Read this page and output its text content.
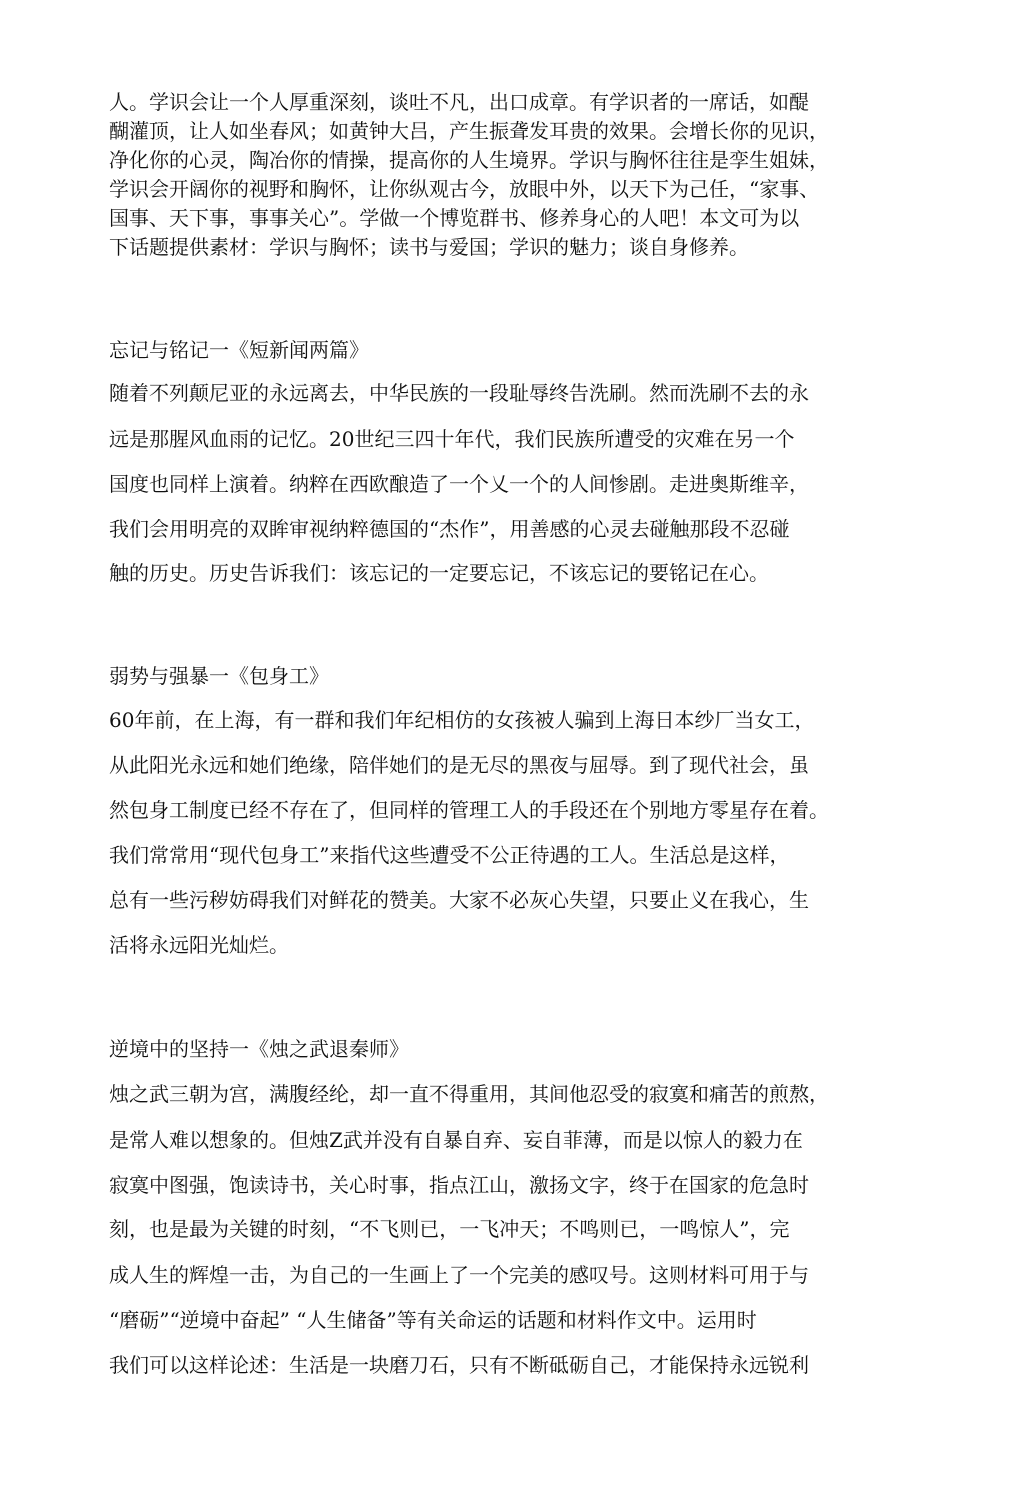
人。学识会让一个人厚重深刻，谈吐不凡，出口成章。有学识者的一席话，如醍
醐灌顶，让人如坐春风；如黄钟大吕，产生振聋发耳贵的效果。会增长你的见识，
净化你的心灵，陶冶你的情操，提高你的人生境界。学识与胸怀往往是孪生姐妹，
学识会开阔你的视野和胸怀，让你纵观古今，放眼中外，以天下为己任，“家事、
国事、天下事，事事关心”。学做一个博览群书、修养身心的人吧！本文可为以
下话题提供素材：学识与胸怀；读书与爱国；学识的魅力；谈自身修养。
忘记与铭记一《短新闻两篇》
随着不列颠尼亚的永远离去，中华民族的一段耻辱终告洗刷。然而洗刷不去的永
远是那腥风血雨的记忆。20世纪三四十年代，我们民族所遭受的灾难在另一个
国度也同样上演着。纳粹在西欧酿造了一个乂一个的人间惨剧。走进奥斯维辛，
我们会用明亮的双眸审视纳粹德国的“杰作”，用善感的心灵去碰触那段不忍碰
触的历史。历史告诉我们：该忘记的一定要忘记，不该忘记的要铭记在心。
弱势与强暴一《包身工》
60年前，在上海，有一群和我们年纪相仿的女孩被人骗到上海日本纱厂当女工，
从此阳光永远和她们绝缘，陪伴她们的是无尽的黑夜与屈辱。到了现代社会，虽
然包身工制度已经不存在了，但同样的管理工人的手段还在个别地方零星存在着。
我们常常用“现代包身工”来指代这些遭受不公正待遇的工人。生活总是这样，
总有一些污秽妨碍我们对鲜花的赞美。大家不必灰心失望，只要止义在我心，生
活将永远阳光灿烂。
逆境中的坚持一《烛之武退秦师》
烛之武三朝为宫，满腹经纶，却一直不得重用，其间他忍受的寂寞和痛苦的煎熬，
是常人难以想象的。但烛Z武并没有自暴自弃、妄自菲薄，而是以惊人的毅力在
寂寞中图强，饱读诗书，关心时事，指点江山，激扬文字，终于在国家的危急时
刻，也是最为关键的时刻，“不飞则已，一飞冲天；不鸣则已，一鸣惊人”，完
成人生的辉煌一击，为自己的一生画上了一个完美的感叹号。这则材料可用于与
“磨砺”“逆境中奋起” “人生储备”等有关命运的话题和材料作文中。运用时
我们可以这样论述：生活是一块磨刀石，只有不断砥砺自己，才能保持永远锐利
